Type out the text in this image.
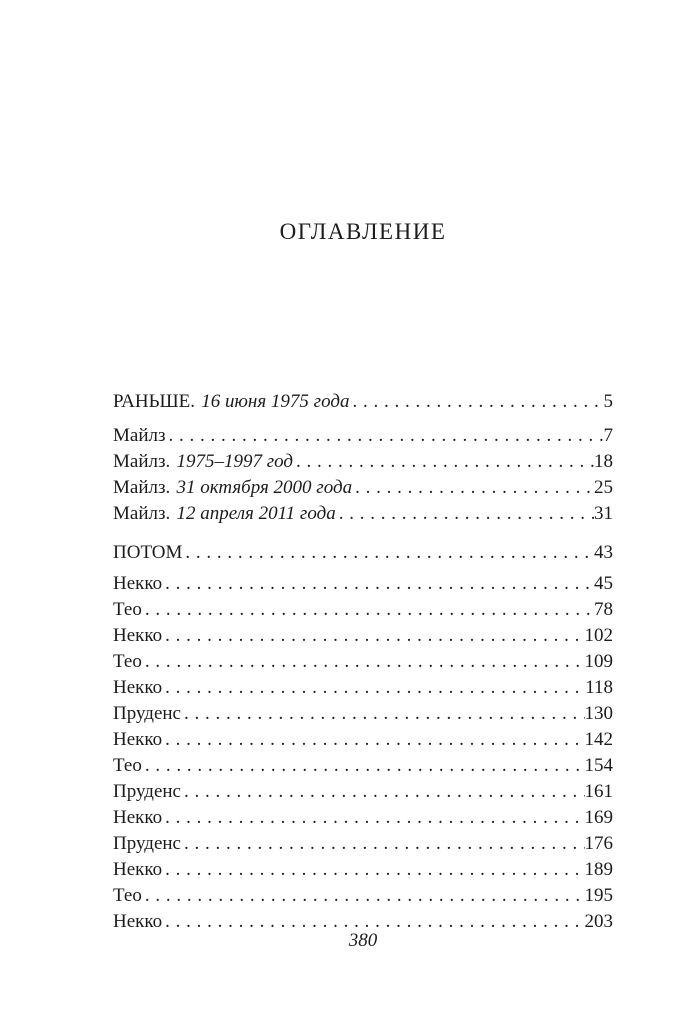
ОГЛАВЛЕНИЕ
РАНЬШЕ. 16 июня 1975 года . . .	5
Майлз . . .	7
Майлз. 1975–1997 год . . .	18
Майлз. 31 октября 2000 года . . .	25
Майлз. 12 апреля 2011 года . . .	31
ПОТОМ . . .	43
Некко . . .	45
Тео . . .	78
Некко . . .	102
Тео . . .	109
Некко . . .	118
Пруденс . . .	130
Некко . . .	142
Тео . . .	154
Пруденс . . .	161
Некко . . .	169
Пруденс . . .	176
Некко . . .	189
Тео . . .	195
Некко . . .	203
380
